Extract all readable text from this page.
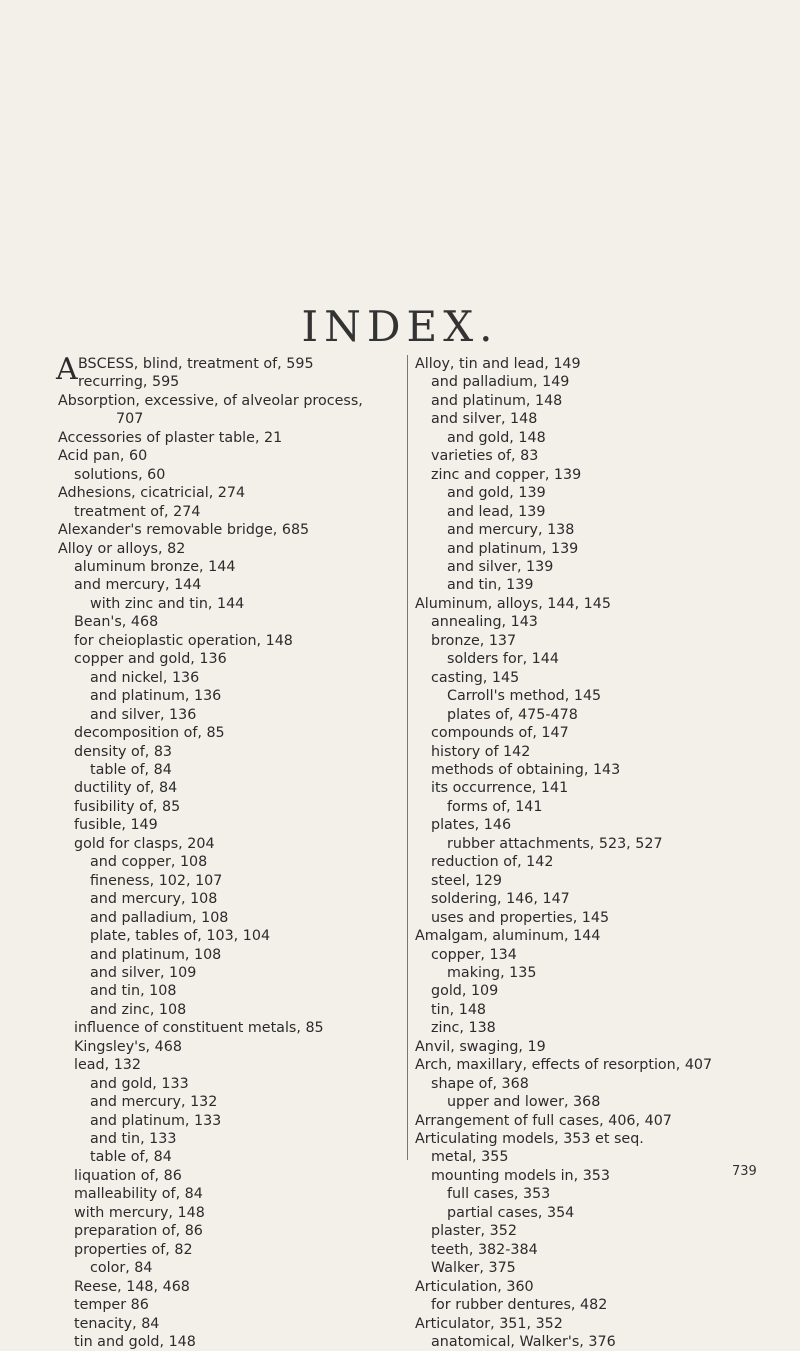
INDEX.
A BSCESS, blind, treatment of, 595
recurring, 595
Absorption, excessive, of alveolar process,
707
Accessories of plaster table, 21
Acid pan, 60
solutions, 60
Adhesions, cicatricial, 274
treatment of, 274
Alexander's removable bridge, 685
Alloy or alloys, 82
aluminum bronze, 144
and mercury, 144
with zinc and tin, 144
Bean's, 468
for cheioplastic operation, 148
copper and gold, 136
and nickel, 136
and platinum, 136
and silver, 136
decomposition of, 85
density of, 83
table of, 84
ductility of, 84
fusibility of, 85
fusible, 149
gold for clasps, 204
and copper, 108
fineness, 102, 107
and mercury, 108
and palladium, 108
plate, tables of, 103, 104
and platinum, 108
and silver, 109
and tin, 108
and zinc, 108
influence of constituent metals, 85
Kingsley's, 468
lead, 132
and gold, 133
and mercury, 132
and platinum, 133
and tin, 133
table of, 84
liquation of, 86
malleability of, 84
with mercury, 148
preparation of, 86
properties of, 82
color, 84
Reese, 148, 468
temper 86
tenacity, 84
tin and gold, 148
Alloy, tin and lead, 149
and palladium, 149
and platinum, 148
and silver, 148
and gold, 148
varieties of, 83
zinc and copper, 139
and gold, 139
and lead, 139
and mercury, 138
and platinum, 139
and silver, 139
and tin, 139
Aluminum, alloys, 144, 145
annealing, 143
bronze, 137
solders for, 144
casting, 145
Carroll's method, 145
plates of, 475-478
compounds of, 147
history of 142
methods of obtaining, 143
its occurrence, 141
forms of, 141
plates, 146
rubber attachments, 523, 527
reduction of, 142
steel, 129
soldering, 146, 147
uses and properties, 145
Amalgam, aluminum, 144
copper, 134
making, 135
gold, 109
tin, 148
zinc, 138
Anvil, swaging, 19
Arch, maxillary, effects of resorption, 407
shape of, 368
upper and lower, 368
Arrangement of full cases, 406, 407
Articulating models, 353 et seq.
metal, 355
mounting models in, 353
full cases, 353
partial cases, 354
plaster, 352
teeth, 382-384
Walker, 375
Articulation, 360
for rubber dentures, 482
Articulator, 351, 352
anatomical, Walker's, 376
739
